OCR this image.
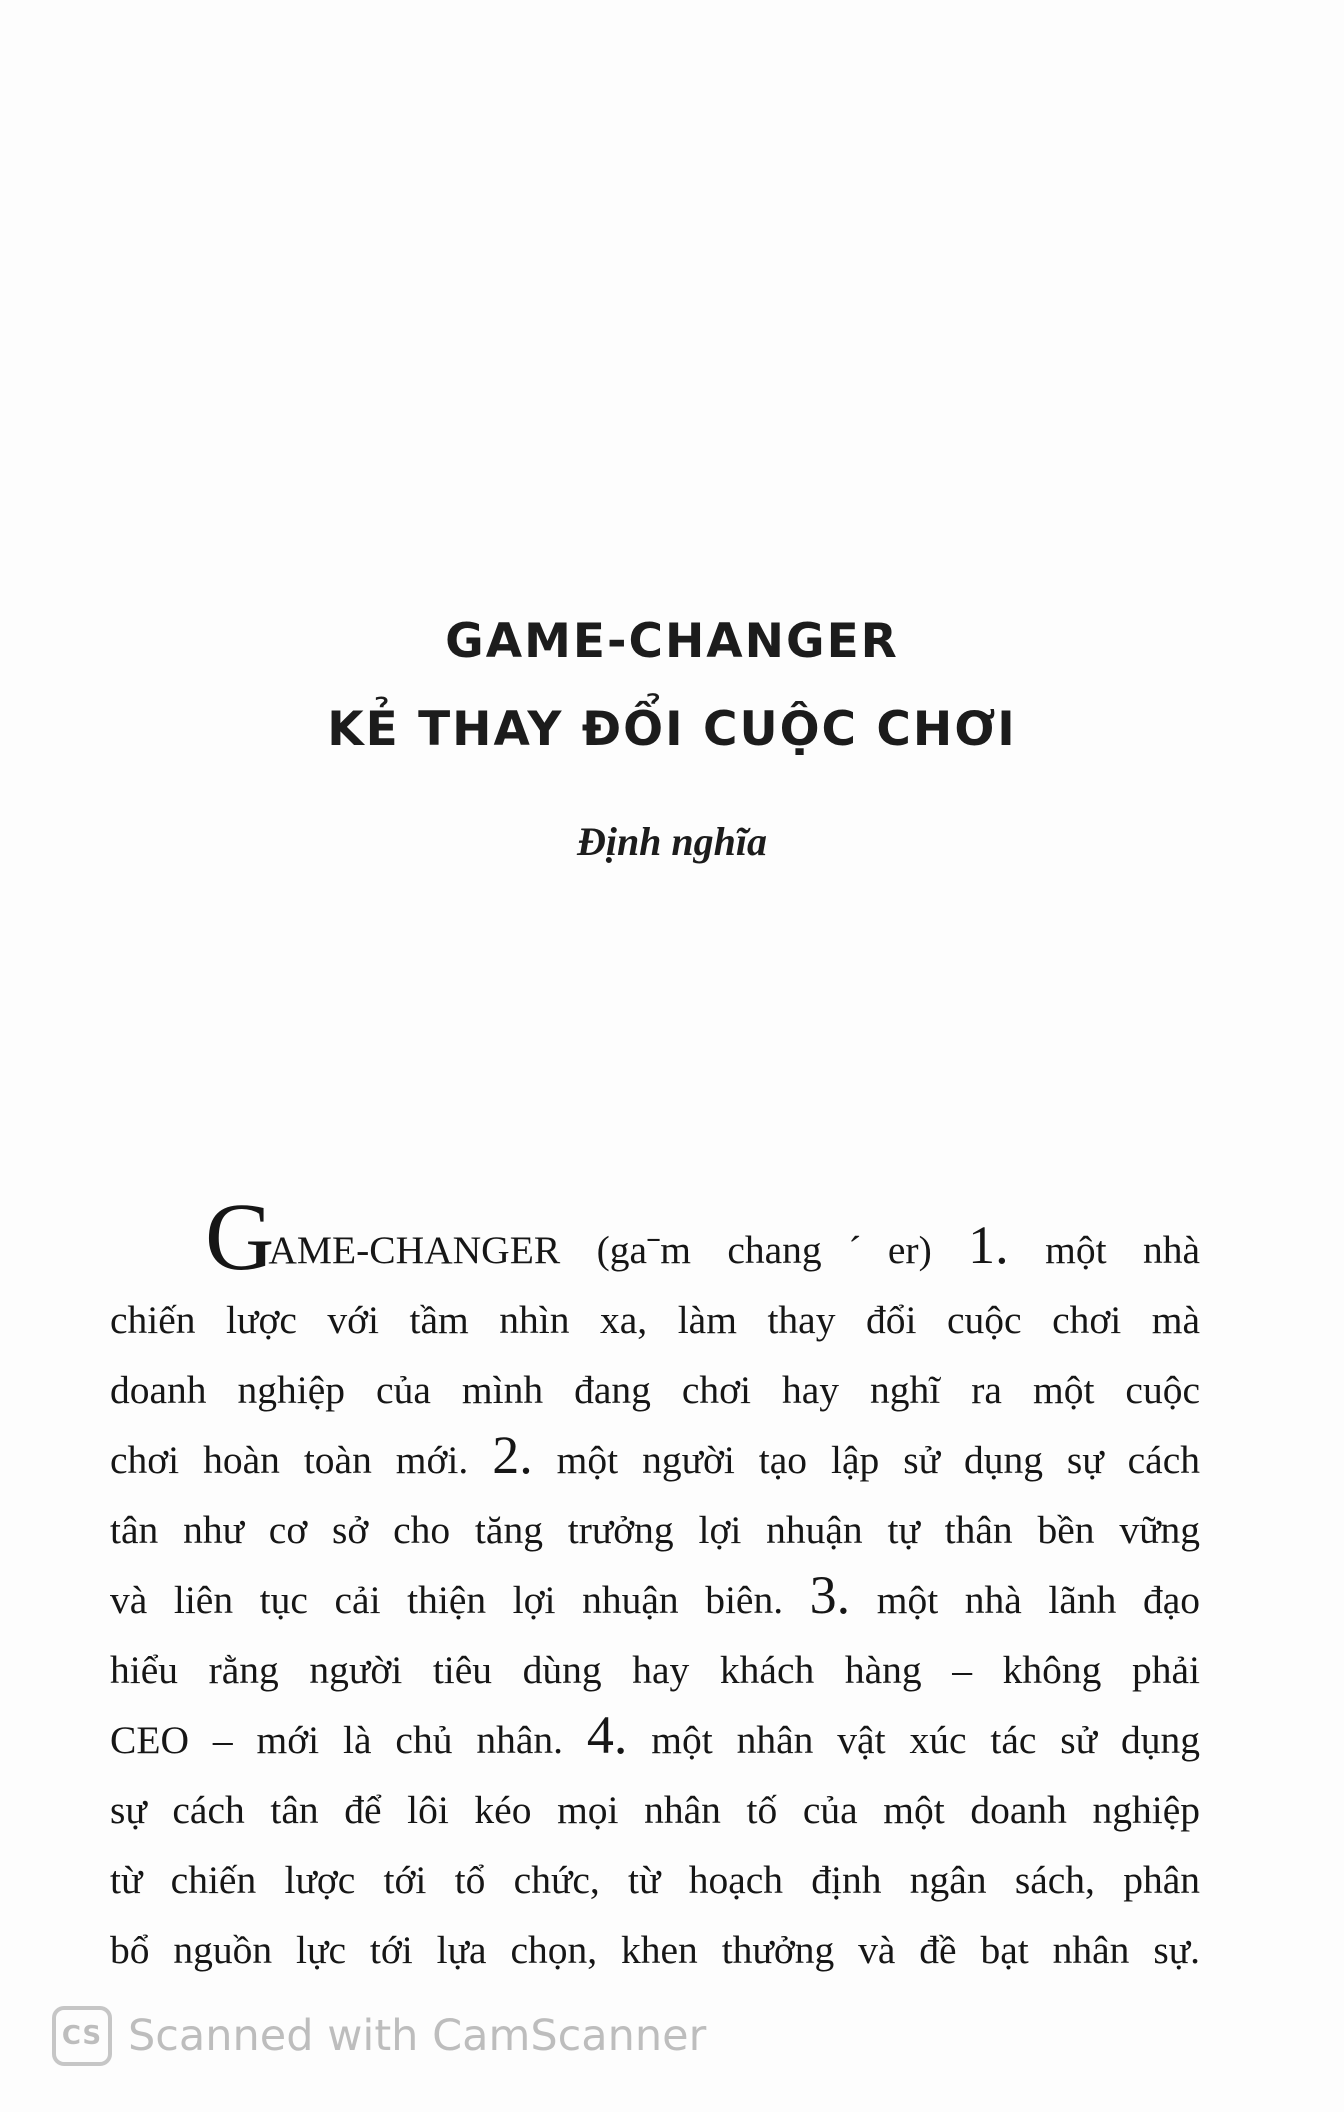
GAME-CHANGER
KẺ THAY ĐỔI CUỘC CHƠI
Định nghĩa
GAME-CHANGER (gaˉm changˊer) 1. một nhà
chiến lược với tầm nhìn xa, làm thay đổi cuộc chơi mà
doanh nghiệp của mình đang chơi hay nghĩ ra một cuộc
chơi hoàn toàn mới. 2. một người tạo lập sử dụng sự cách
tân như cơ sở cho tăng trưởng lợi nhuận tự thân bền vững
và liên tục cải thiện lợi nhuận biên. 3. một nhà lãnh đạo
hiểu rằng người tiêu dùng hay khách hàng – không phải
CEO – mới là chủ nhân. 4. một nhân vật xúc tác sử dụng
sự cách tân để lôi kéo mọi nhân tố của một doanh nghiệp
từ chiến lược tới tổ chức, từ hoạch định ngân sách, phân
bổ nguồn lực tới lựa chọn, khen thưởng và đề bạt nhân sự.
CS Scanned with CamScanner
